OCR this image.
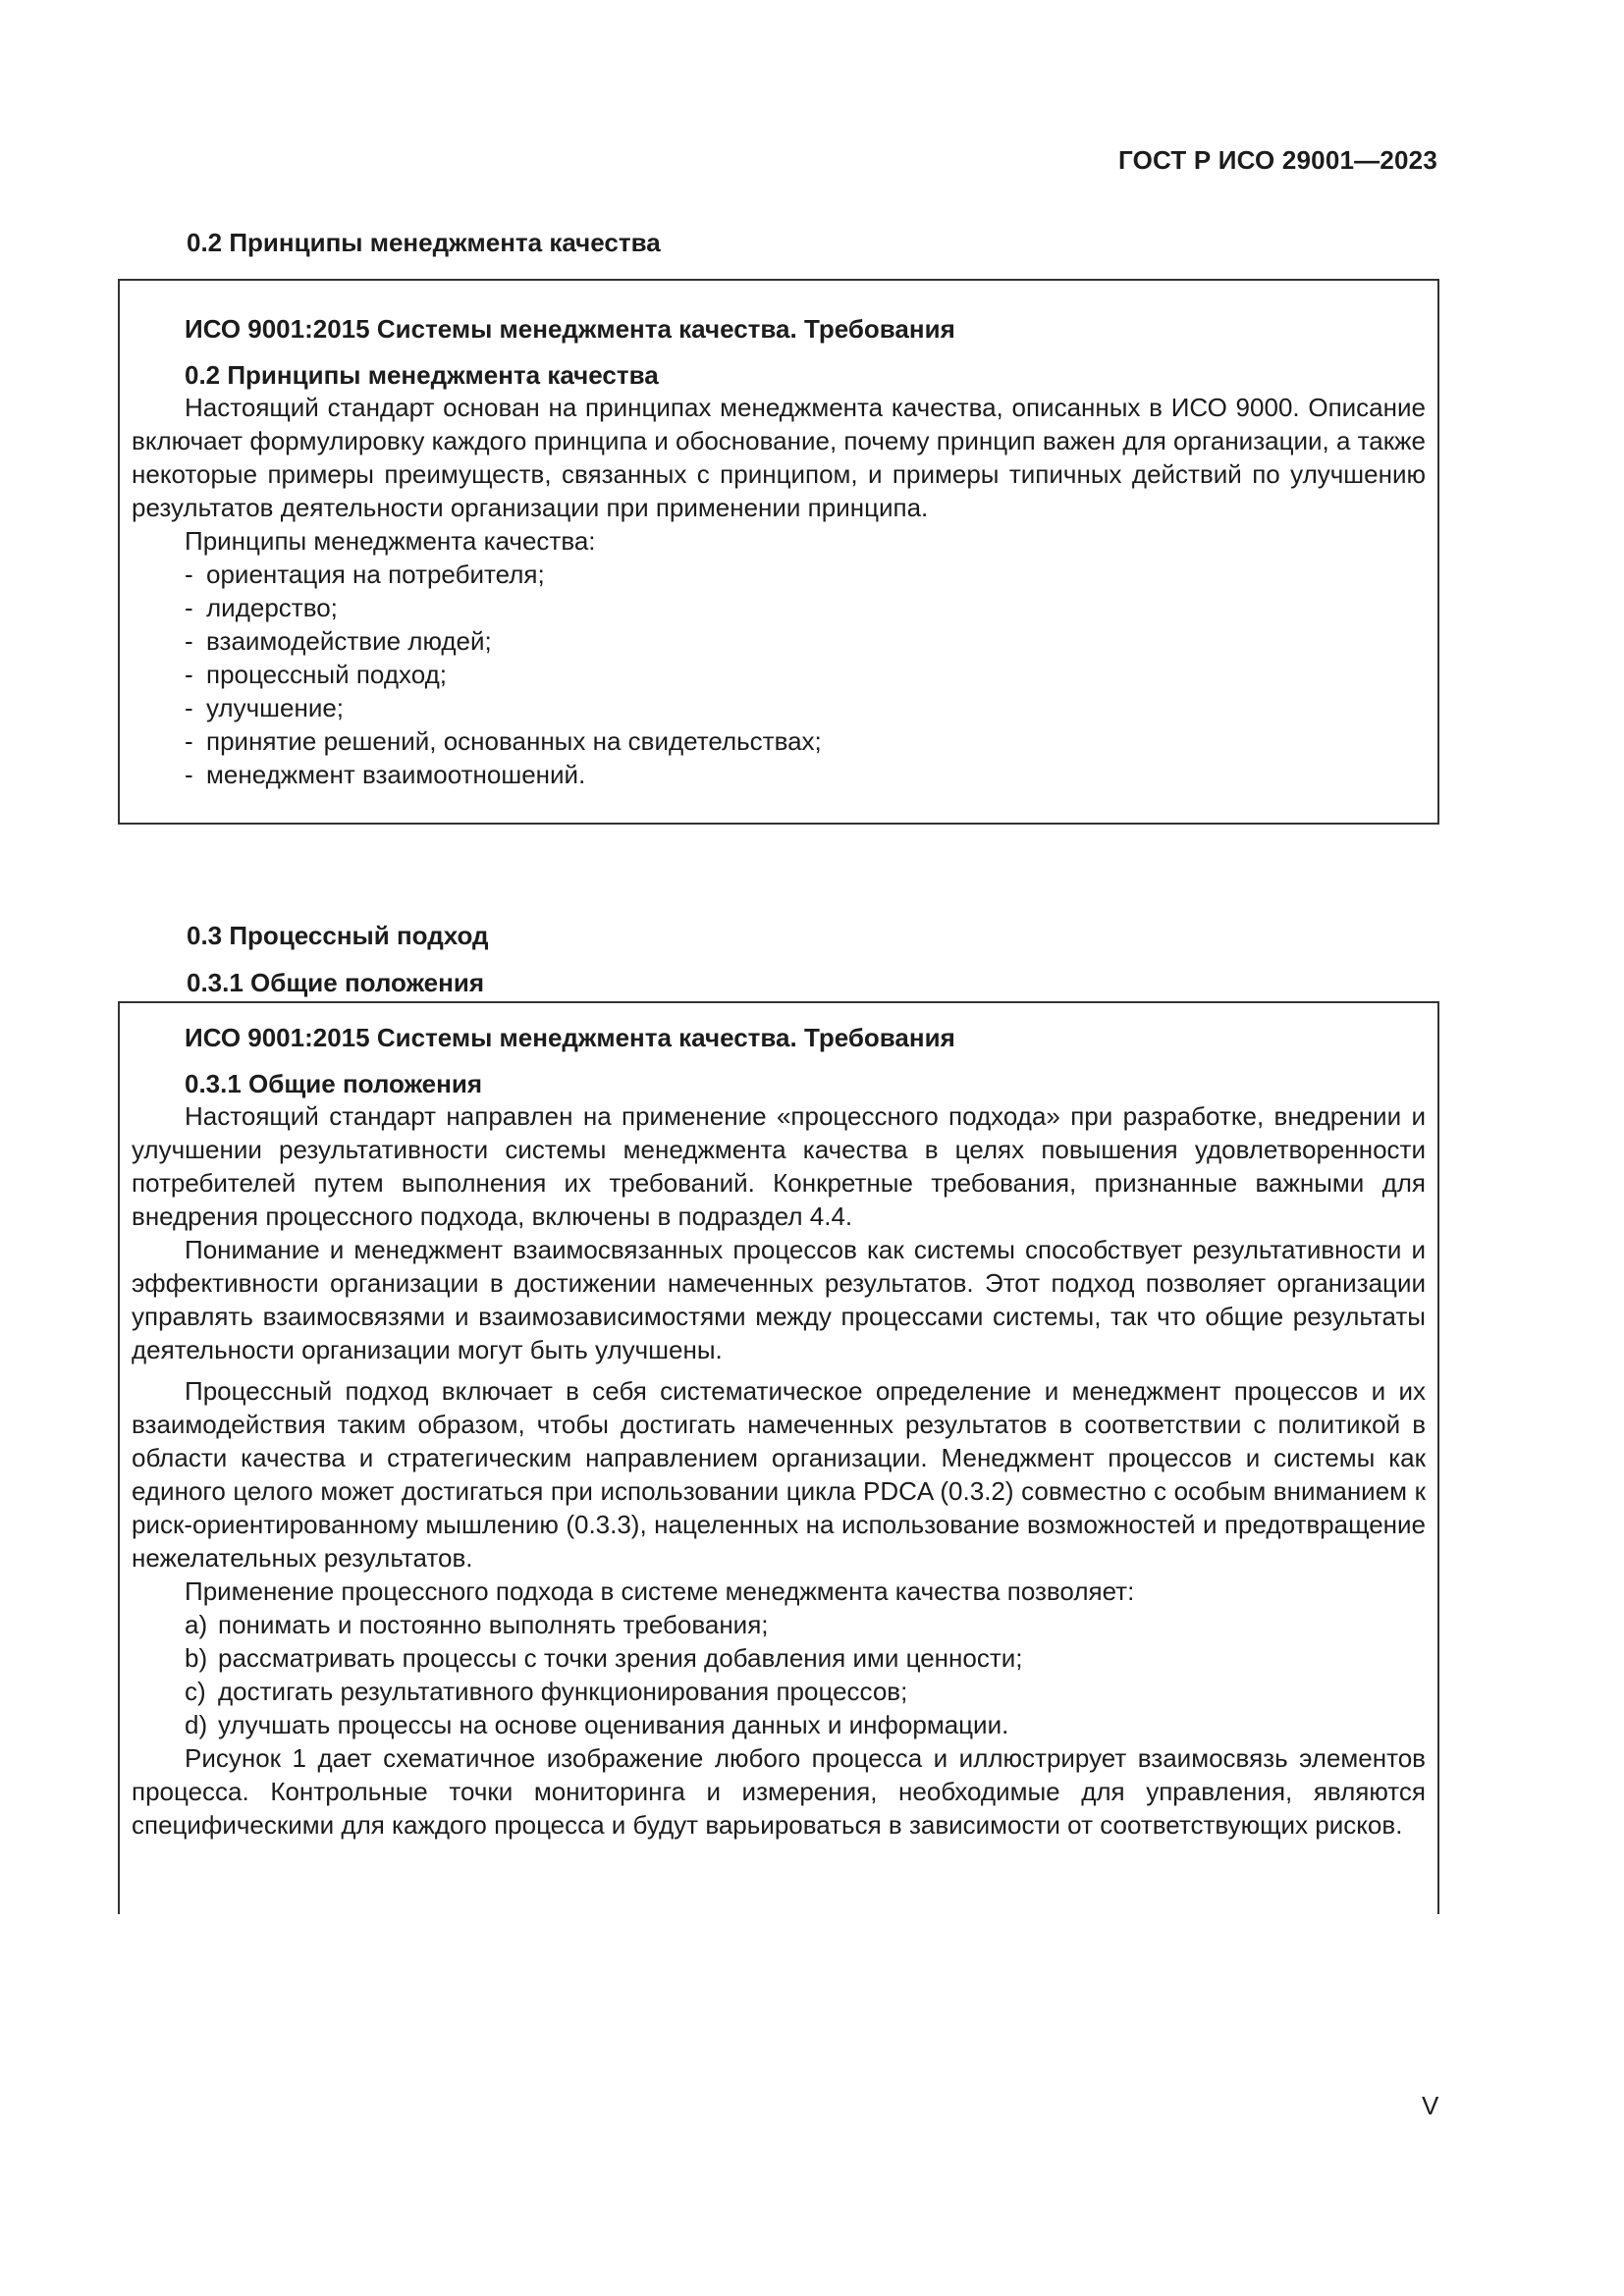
ГОСТ Р ИСО 29001—2023
0.2 Принципы менеджмента качества

ИСО 9001:2015 Системы менеджмента качества. Требования

0.2 Принципы менеджмента качества

Настоящий стандарт основан на принципах менеджмента качества, описанных в ИСО 9000. Описание включает формулировку каждого принципа и обоснование, почему принцип важен для организации, а также некоторые примеры преимуществ, связанных с принципом, и примеры типичных действий по улучшению результатов деятельности организации при применении принципа.

Принципы менеджмента качества:

- ориентация на потребителя;
- лидерство;
- взаимодействие людей;
- процессный подход;
- улучшение;
- принятие решений, основанных на свидетельствах;
- менеджмент взаимоотношений.
0.3 Процессный подход
0.3.1 Общие положения

ИСО 9001:2015 Системы менеджмента качества. Требования

0.3.1 Общие положения

Настоящий стандарт направлен на применение «процессного подхода» при разработке, внедрении и улучшении результативности системы менеджмента качества в целях повышения удовлетворенности потребителей путем выполнения их требований. Конкретные требования, признанные важными для внедрения процессного подхода, включены в подраздел 4.4.

Понимание и менеджмент взаимосвязанных процессов как системы способствует результативности и эффективности организации в достижении намеченных результатов. Этот подход позволяет организации управлять взаимосвязями и взаимозависимостями между процессами системы, так что общие результаты деятельности организации могут быть улучшены.

Процессный подход включает в себя систематическое определение и менеджмент процессов и их взаимодействия таким образом, чтобы достигать намеченных результатов в соответствии с политикой в области качества и стратегическим направлением организации. Менеджмент процессов и системы как единого целого может достигаться при использовании цикла PDCA (0.3.2) совместно с особым вниманием к риск-ориентированному мышлению (0.3.3), нацеленных на использование возможностей и предотвращение нежелательных результатов.

Применение процессного подхода в системе менеджмента качества позволяет:

a) понимать и постоянно выполнять требования;
b) рассматривать процессы с точки зрения добавления ими ценности;
c) достигать результативного функционирования процессов;
d) улучшать процессы на основе оценивания данных и информации.

Рисунок 1 дает схематичное изображение любого процесса и иллюстрирует взаимосвязь элементов процесса. Контрольные точки мониторинга и измерения, необходимые для управления, являются специфическими для каждого процесса и будут варьироваться в зависимости от соответствующих рисков.

V
